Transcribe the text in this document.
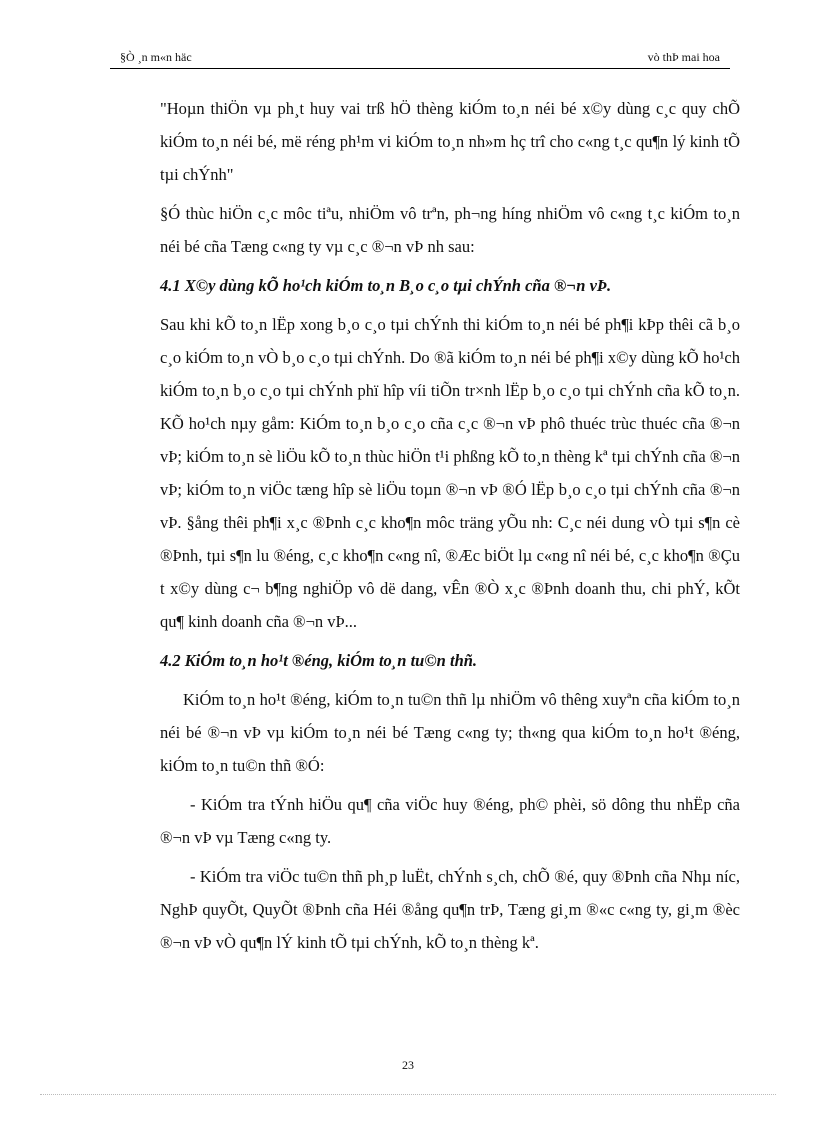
§Ò ¸n m«n häc	vò thÞ mai hoa

"Hoµn thiÖn vµ ph¸t huy vai trß hÖ thèng kiÓm to¸n néi bé x©y dùng c¸c quy chÕ kiÓm to¸n néi bé, më réng ph¹m vi kiÓm to¸n nh»m hç trî cho c«ng t¸c qu¶n lý kinh tÕ tµi chÝnh"

§Ó thùc hiÖn c¸c môc tiªu, nhiÖm vô trªn, ph¬ng híng nhiÖm vô c«ng t¸c kiÓm to¸n néi bé cña Tæng c«ng ty vµ c¸c ®¬n vÞ nh sau:

4.1 X©y dùng kÕ ho¹ch kiÓm to¸n B¸o c¸o tµi chÝnh cña ®¬n vÞ.

Sau khi kÕ to¸n lËp xong b¸o c¸o tµi chÝnh thi kiÓm to¸n néi bé ph¶i kÞp thêi cã b¸o c¸o kiÓm to¸n vÒ b¸o c¸o tµi chÝnh. Do ®ã kiÓm to¸n néi bé ph¶i x©y dùng kÕ ho¹ch kiÓm to¸n b¸o c¸o tµi chÝnh phï hîp víi tiÕn tr×nh lËp b¸o c¸o tµi chÝnh cña kÕ to¸n. KÕ ho¹ch nµy gåm: KiÓm to¸n b¸o c¸o cña c¸c ®¬n vÞ phô thuéc trùc thuéc cña ®¬n vÞ; kiÓm to¸n sè liÖu kÕ to¸n thùc hiÖn t¹i phßng kÕ to¸n thèng kª tµi chÝnh cña ®¬n vÞ; kiÓm to¸n viÖc tæng hîp sè liÖu toµn ®¬n vÞ ®Ó lËp b¸o c¸o tµi chÝnh cña ®¬n vÞ. §ång thêi ph¶i x¸c ®Þnh c¸c kho¶n môc träng yÕu nh: C¸c néi dung vÒ tµi s¶n cè ®Þnh, tµi s¶n lu ®éng, c¸c kho¶n c«ng nî, ®Æc biÖt lµ c«ng nî néi bé, c¸c kho¶n ®Çu t x©y dùng c¬ b¶ng nghiÖp vô dë dang, vÊn ®Ò x¸c ®Þnh doanh thu, chi phÝ, kÕt qu¶ kinh doanh cña ®¬n vÞ...

4.2 KiÓm to¸n ho¹t ®éng, kiÓm to¸n tu©n thñ.

KiÓm to¸n ho¹t ®éng, kiÓm to¸n tu©n thñ lµ nhiÖm vô thêng xuyªn cña kiÓm to¸n néi bé ®¬n vÞ vµ kiÓm to¸n néi bé Tæng c«ng ty; th«ng qua kiÓm to¸n ho¹t ®éng, kiÓm to¸n tu©n thñ ®Ó:

- KiÓm tra tÝnh hiÖu qu¶ cña viÖc huy ®éng, ph© phèi, sö dông thu nhËp cña ®¬n vÞ vµ Tæng c«ng ty.

- KiÓm tra viÖc tu©n thñ ph¸p luËt, chÝnh s¸ch, chÕ ®é, quy ®Þnh cña Nhµ níc, NghÞ quyÕt, QuyÕt ®Þnh cña Héi ®ång qu¶n trÞ, Tæng gi¸m ®«c c«ng ty, gi¸m ®èc ®¬n vÞ vÒ qu¶n lÝ kinh tÕ tµi chÝnh, kÕ to¸n thèng kª.

23
